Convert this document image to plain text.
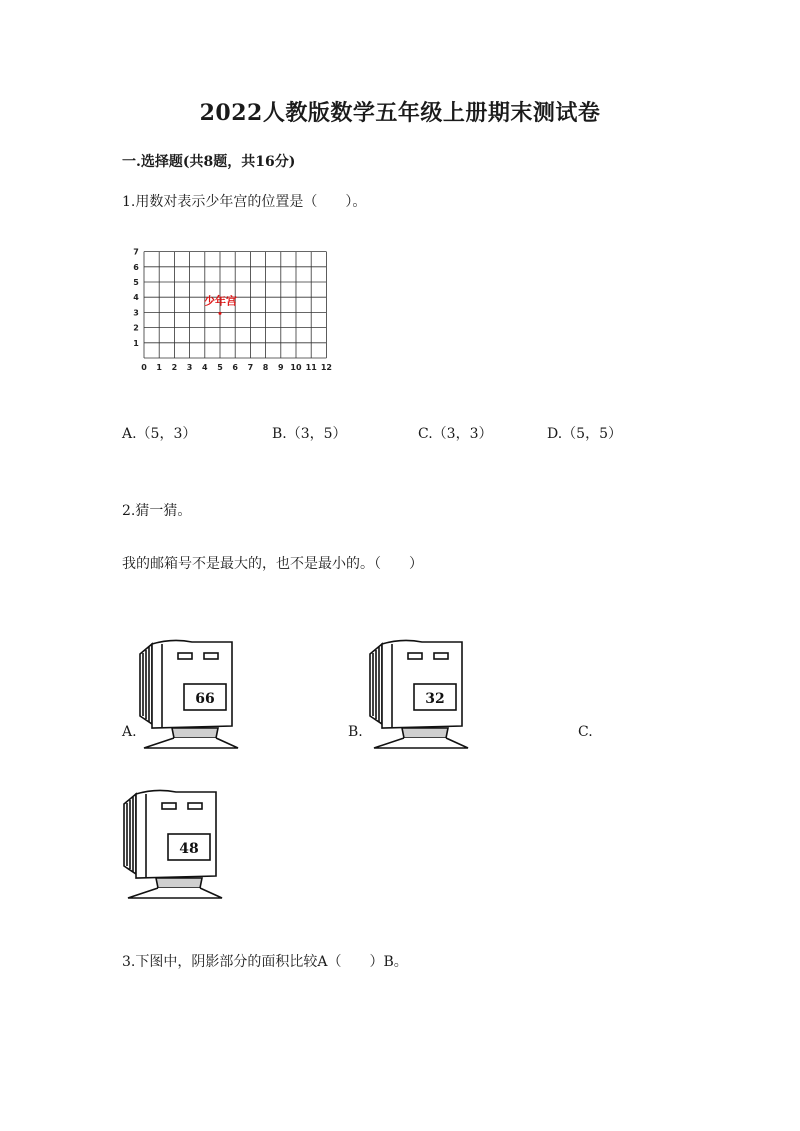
2022人教版数学五年级上册期末测试卷
一.选择题(共8题，共16分)
1.用数对表示少年宫的位置是（　　）。
0 1 2 3 4 5 6 7 8 9 10 11 12
1
2
3
4
5
6
7
少年宫
A.（5，3）	B.（3，5）	C.（3，3）	D.（5，5）
2.猜一猜。
我的邮箱号不是最大的，也不是最小的。（　　）
A.	B.	C.
66	32
48
3.下图中，阴影部分的面积比较A（　　）B。
